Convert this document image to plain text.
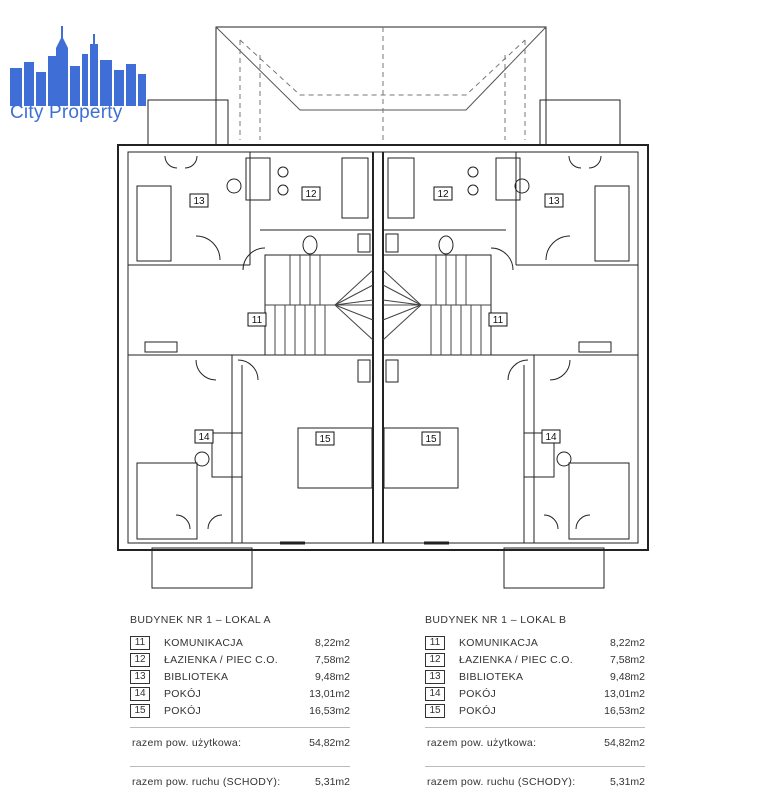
City Property
13
12
11
14	15
12
13
11
15	14
BUDYNEK NR 1 – LOKAL A
11	KOMUNIKACJA	8,22m2
12	ŁAZIENKA / PIEC C.O.	7,58m2
13	BIBLIOTEKA	9,48m2
14	POKÓJ	13,01m2
15	POKÓJ	16,53m2
razem pow. użytkowa:	54,82m2
razem pow. ruchu (SCHODY):	5,31m2
BUDYNEK NR 1 – LOKAL B
11	KOMUNIKACJA	8,22m2
12	ŁAZIENKA / PIEC C.O.	7,58m2
13	BIBLIOTEKA	9,48m2
14	POKÓJ	13,01m2
15	POKÓJ	16,53m2
razem pow. użytkowa:	54,82m2
razem pow. ruchu (SCHODY):	5,31m2
